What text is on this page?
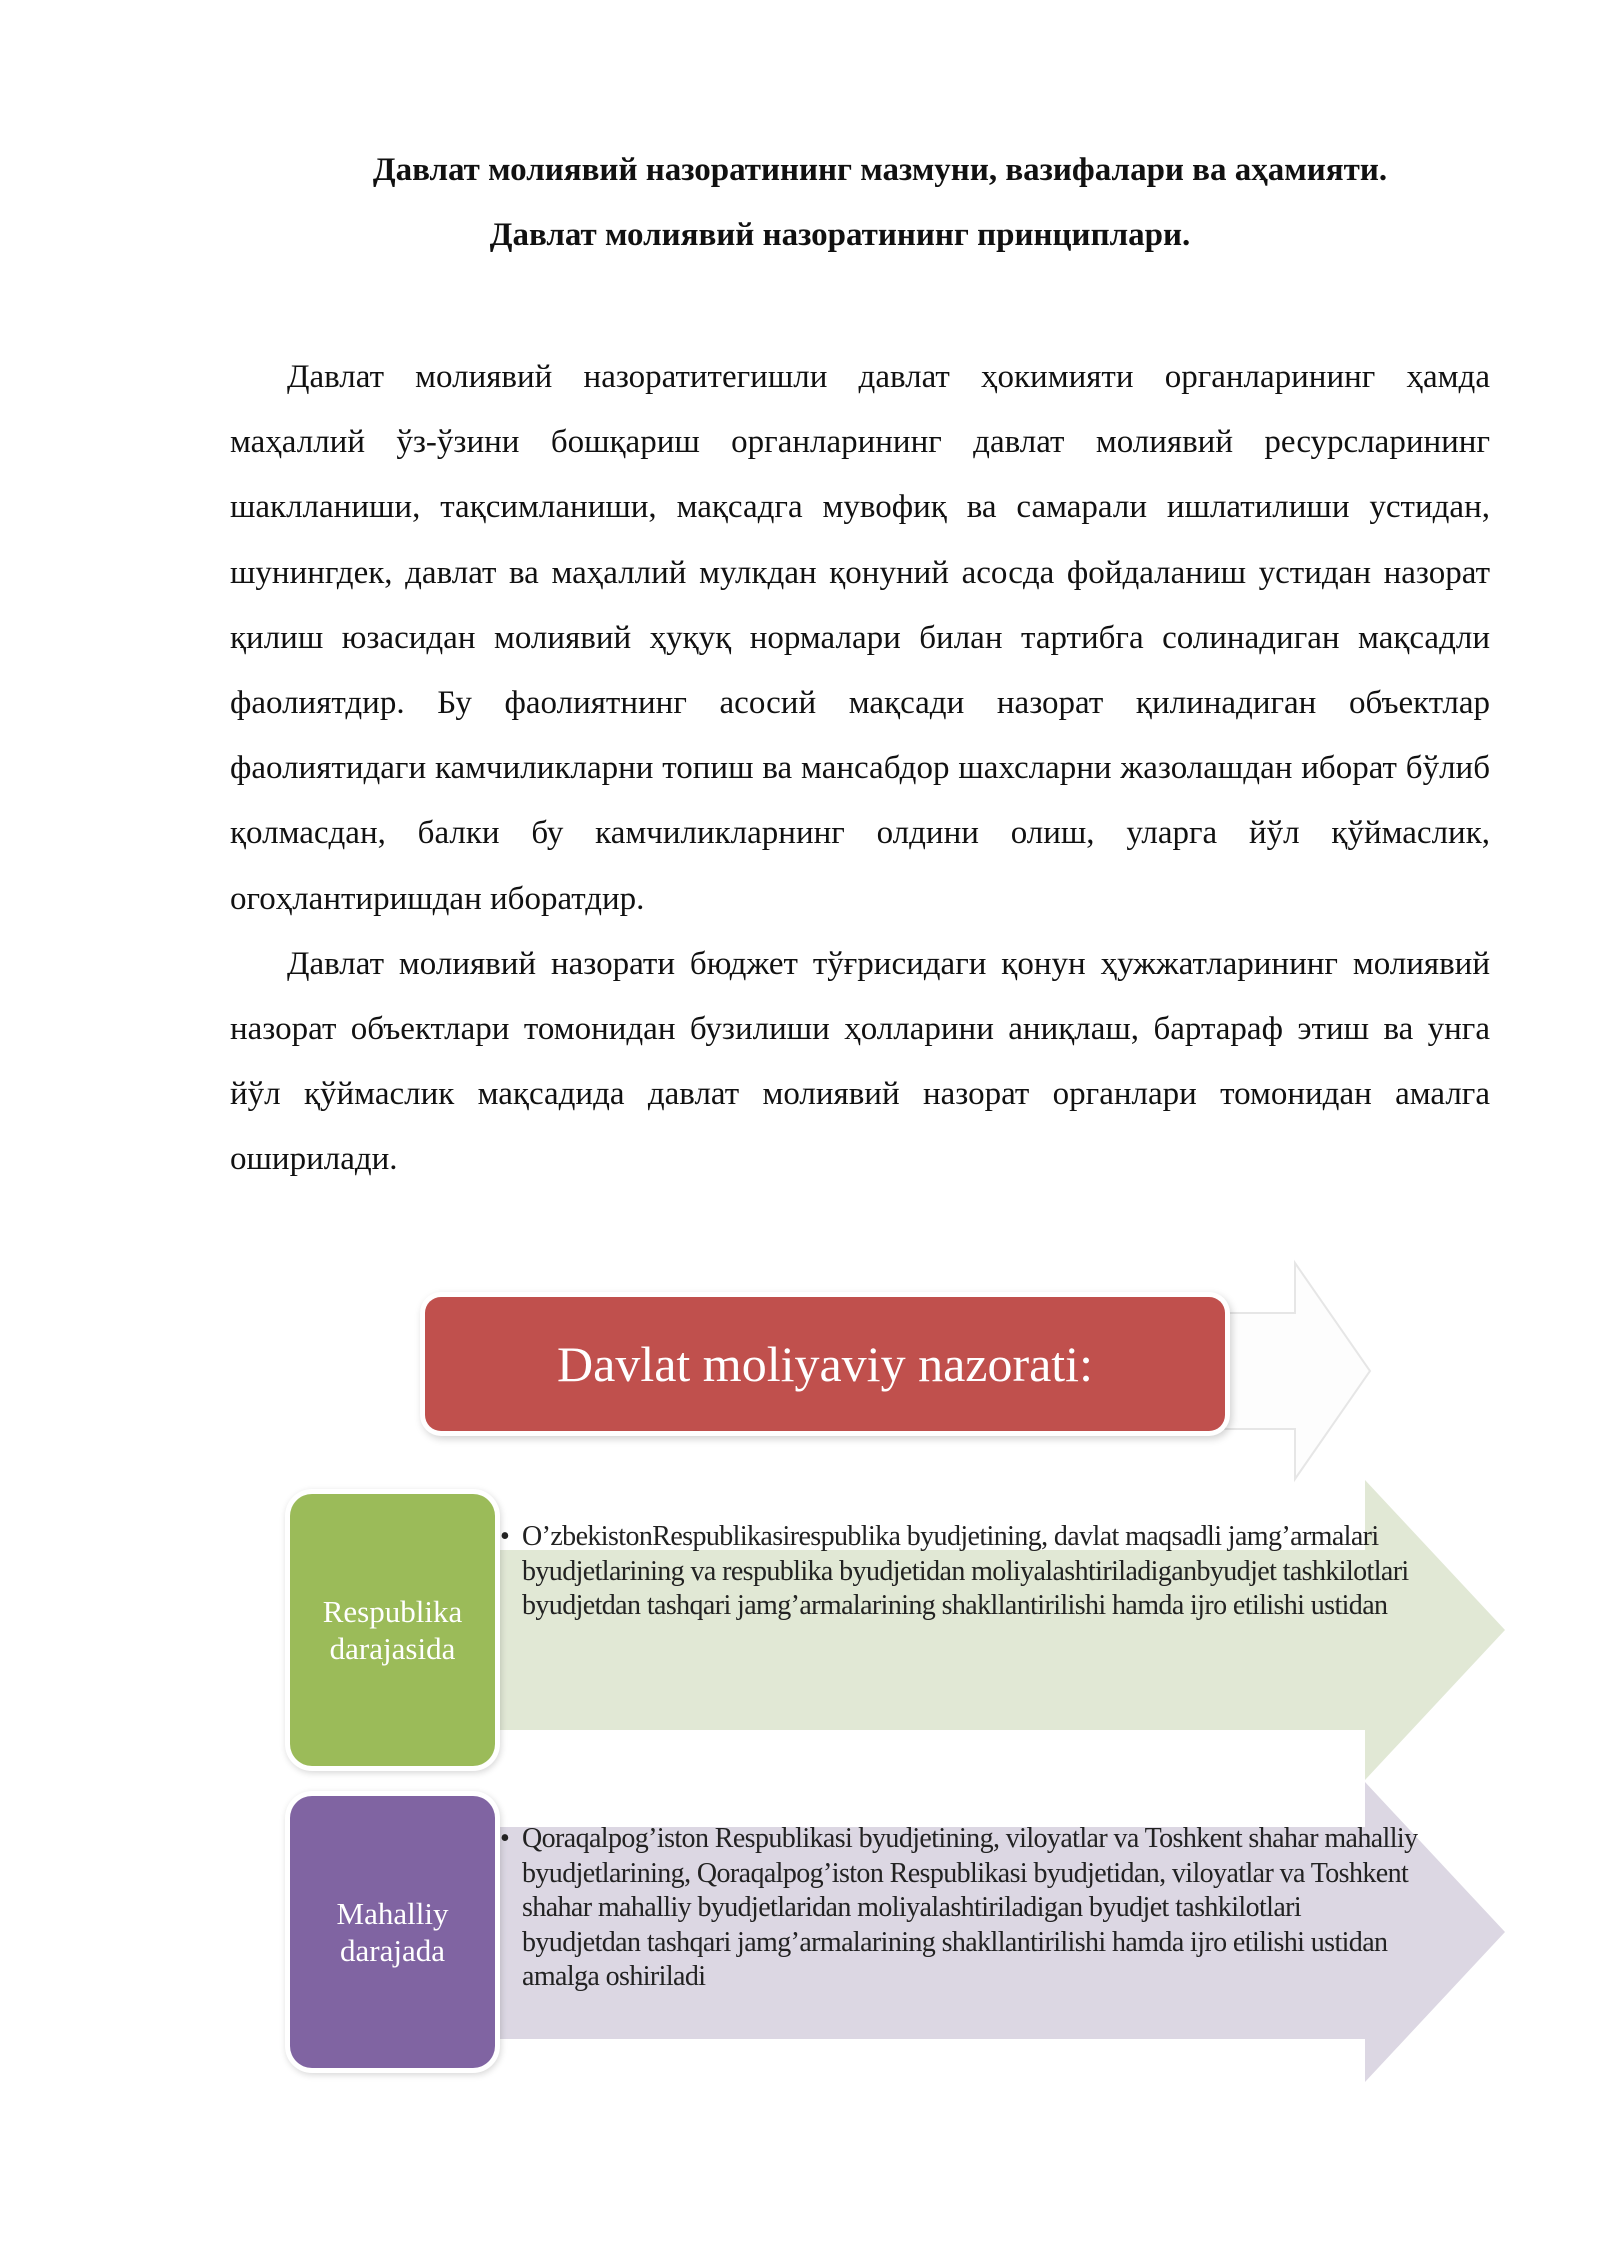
Давлат молиявий назоратининг мазмуни, вазифалари ва аҳамияти.
Давлат молиявий назоратининг принциплари.

Давлат молиявий назоратитегишли давлат ҳокимияти органларининг ҳамда маҳаллий ўз-ўзини бошқариш органларининг давлат молиявий ресурсларининг шаклланиши, тақсимланиши, мақсадга мувофиқ ва самарали ишлатилиши устидан, шунингдек, давлат ва маҳаллий мулкдан қонуний асосда фойдаланиш устидан назорат қилиш юзасидан молиявий ҳуқуқ нормалари билан тартибга солинадиган мақсадли фаолиятдир. Бу фаолиятнинг асосий мақсади назорат қилинадиган объектлар фаолиятидаги камчиликларни топиш ва мансабдор шахсларни жазолашдан иборат бўлиб қолмасдан, балки бу камчиликларнинг олдини олиш, уларга йўл қўймаслик, огоҳлантиришдан иборатдир.

Давлат молиявий назорати бюджет тўғрисидаги қонун ҳужжатларининг молиявий назорат объектлари томонидан бузилиши ҳолларини аниқлаш, бартараф этиш ва унга йўл қўймаслик мақсадида давлат молиявий назорат органлари томонидан амалга оширилади.

Davlat moliyaviy nazorati:
Respublika
darajasida
• O’zbekistonRespublikasirespublika byudjetining, davlat maqsadli jamg’armalari byudjetlarining va respublika byudjetidan moliyalashtiriladiganbyudjet tashkilotlari byudjetdan tashqari jamg’armalarining shakllantirilishi hamda ijro etilishi ustidan
Mahalliy
darajada
• Qoraqalpog’iston Respublikasi byudjetining, viloyatlar va Toshkent shahar mahalliy byudjetlarining, Qoraqalpog’iston Respublikasi byudjetidan, viloyatlar va Toshkent shahar mahalliy byudjetlaridan moliyalashtiriladigan byudjet tashkilotlari byudjetdan tashqari jamg’armalarining shakllantirilishi hamda ijro etilishi ustidan amalga oshiriladi
